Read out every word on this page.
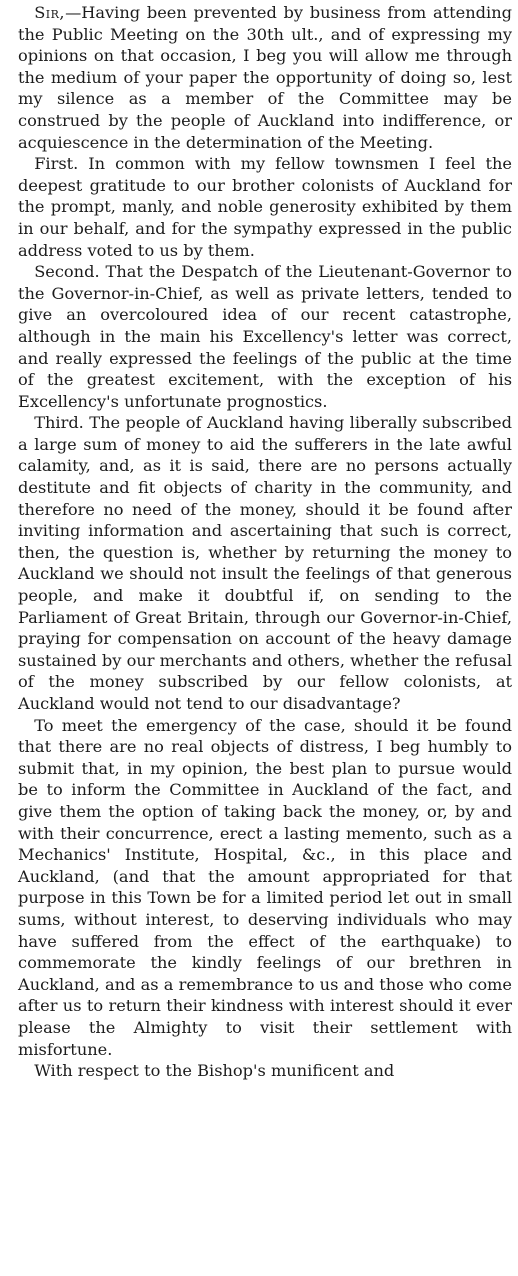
 Sir,—Having been prevented by business from attending the Public Meeting on the 30th ult., and of expressing my opinions on that occasion, I beg you will allow me through the medium of your paper the opportunity of doing so, lest my silence as a member of the Committee may be construed by the people of Auckland into indifference, or acquiescence in the determination of the Meeting.

 First. In common with my fellow townsmen I feel the deepest gratitude to our brother colonists of Auckland for the prompt, manly, and noble generosity exhibited by them in our behalf, and for the sympathy expressed in the public address voted to us by them.

 Second. That the Despatch of the Lieutenant-Governor to the Governor-in-Chief, as well as private letters, tended to give an overcoloured idea of our recent catastrophe, although in the main his Excellency's letter was correct, and really expressed the feelings of the public at the time of the greatest excitement, with the exception of his Excellency's unfortunate prognostics.

 Third. The people of Auckland having liberally subscribed a large sum of money to aid the sufferers in the late awful calamity, and, as it is said, there are no persons actually destitute and fit objects of charity in the community, and therefore no need of the money, should it be found after inviting information and ascertaining that such is correct, then, the question is, whether by returning the money to Auckland we should not insult the feelings of that generous people, and make it doubtful if, on sending to the Parliament of Great Britain, through our Governor-in-Chief, praying for compensation on account of the heavy damage sustained by our merchants and others, whether the refusal of the money subscribed by our fellow colonists, at Auckland would not tend to our disadvantage?

 To meet the emergency of the case, should it be found that there are no real objects of distress, I beg humbly to submit that, in my opinion, the best plan to pursue would be to inform the Committee in Auckland of the fact, and give them the option of taking back the money, or, by and with their concurrence, erect a lasting memento, such as a Mechanics' Institute, Hospital, &c., in this place and Auckland, (and that the amount appropriated for that purpose in this Town be for a limited period let out in small sums, without interest, to deserving individuals who may have suffered from the effect of the earthquake) to commemorate the kindly feelings of our brethren in Auckland, and as a remembrance to us and those who come after us to return their kindness with interest should it ever please the Almighty to visit their settlement with misfortune.

 With respect to the Bishop's munificent and
